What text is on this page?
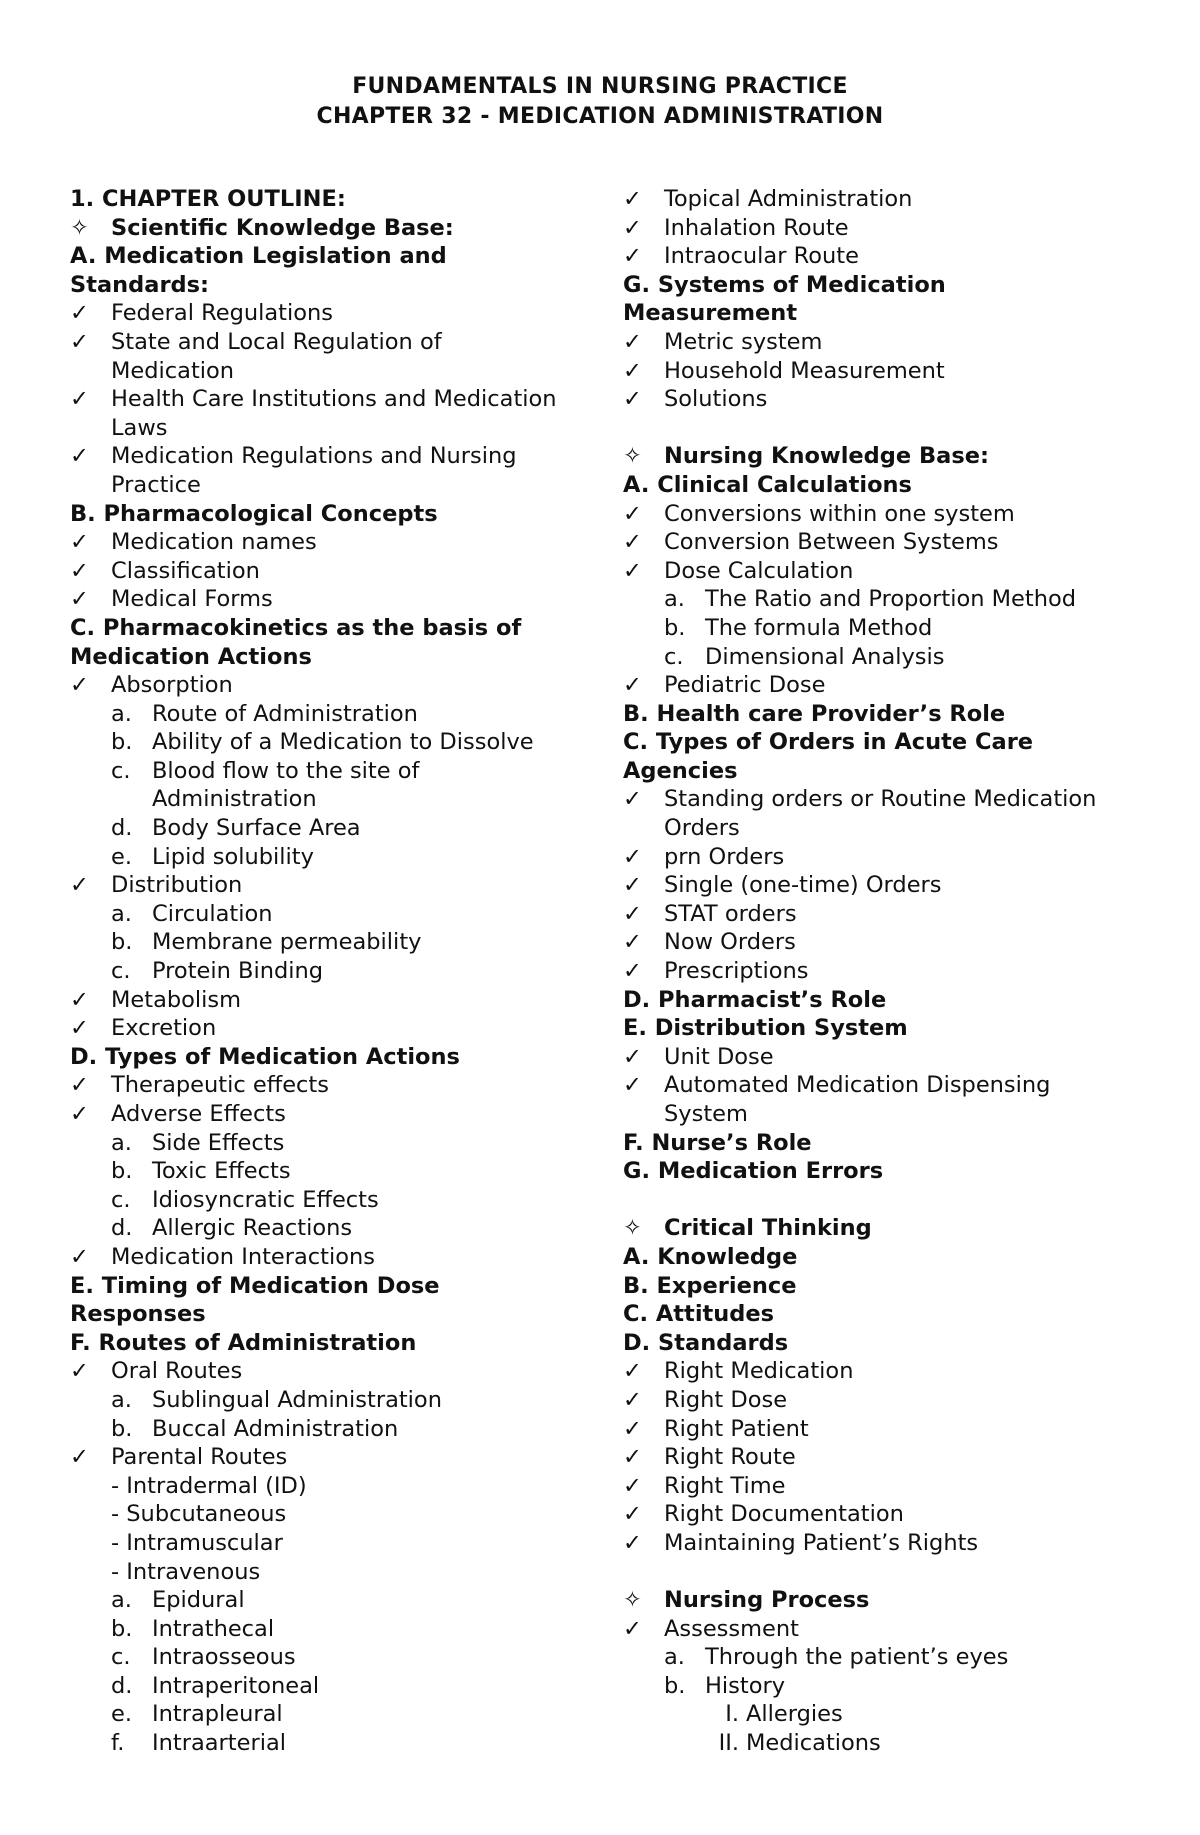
FUNDAMENTALS IN NURSING PRACTICE
CHAPTER 32 - MEDICATION ADMINISTRATION
1. CHAPTER OUTLINE:
✧ Scientific Knowledge Base:
A. Medication Legislation and
Standards:
✓ Federal Regulations
✓ State and Local Regulation of
Medication
✓ Health Care Institutions and Medication
Laws
✓ Medication Regulations and Nursing
Practice
B. Pharmacological Concepts
✓ Medication names
✓ Classification
✓ Medical Forms
C. Pharmacokinetics as the basis of
Medication Actions
✓ Absorption
a. Route of Administration
b. Ability of a Medication to Dissolve
c. Blood flow to the site of
Administration
d. Body Surface Area
e. Lipid solubility
✓ Distribution
a. Circulation
b. Membrane permeability
c. Protein Binding
✓ Metabolism
✓ Excretion
D. Types of Medication Actions
✓ Therapeutic effects
✓ Adverse Effects
a. Side Effects
b. Toxic Effects
c. Idiosyncratic Effects
d. Allergic Reactions
✓ Medication Interactions
E. Timing of Medication Dose
Responses
F. Routes of Administration
✓ Oral Routes
a. Sublingual Administration
b. Buccal Administration
✓ Parental Routes
- Intradermal (ID)
- Subcutaneous
- Intramuscular
- Intravenous
a. Epidural
b. Intrathecal
c. Intraosseous
d. Intraperitoneal
e. Intrapleural
f. Intraarterial
✓ Topical Administration
✓ Inhalation Route
✓ Intraocular Route
G. Systems of Medication
Measurement
✓ Metric system
✓ Household Measurement
✓ Solutions
✧ Nursing Knowledge Base:
A. Clinical Calculations
✓ Conversions within one system
✓ Conversion Between Systems
✓ Dose Calculation
a. The Ratio and Proportion Method
b. The formula Method
c. Dimensional Analysis
✓ Pediatric Dose
B. Health care Provider’s Role
C. Types of Orders in Acute Care
Agencies
✓ Standing orders or Routine Medication
Orders
✓ prn Orders
✓ Single (one-time) Orders
✓ STAT orders
✓ Now Orders
✓ Prescriptions
D. Pharmacist’s Role
E. Distribution System
✓ Unit Dose
✓ Automated Medication Dispensing
System
F. Nurse’s Role
G. Medication Errors
✧ Critical Thinking
A. Knowledge
B. Experience
C. Attitudes
D. Standards
✓ Right Medication
✓ Right Dose
✓ Right Patient
✓ Right Route
✓ Right Time
✓ Right Documentation
✓ Maintaining Patient’s Rights
✧ Nursing Process
✓ Assessment
a. Through the patient’s eyes
b. History
I. Allergies
II. Medications
